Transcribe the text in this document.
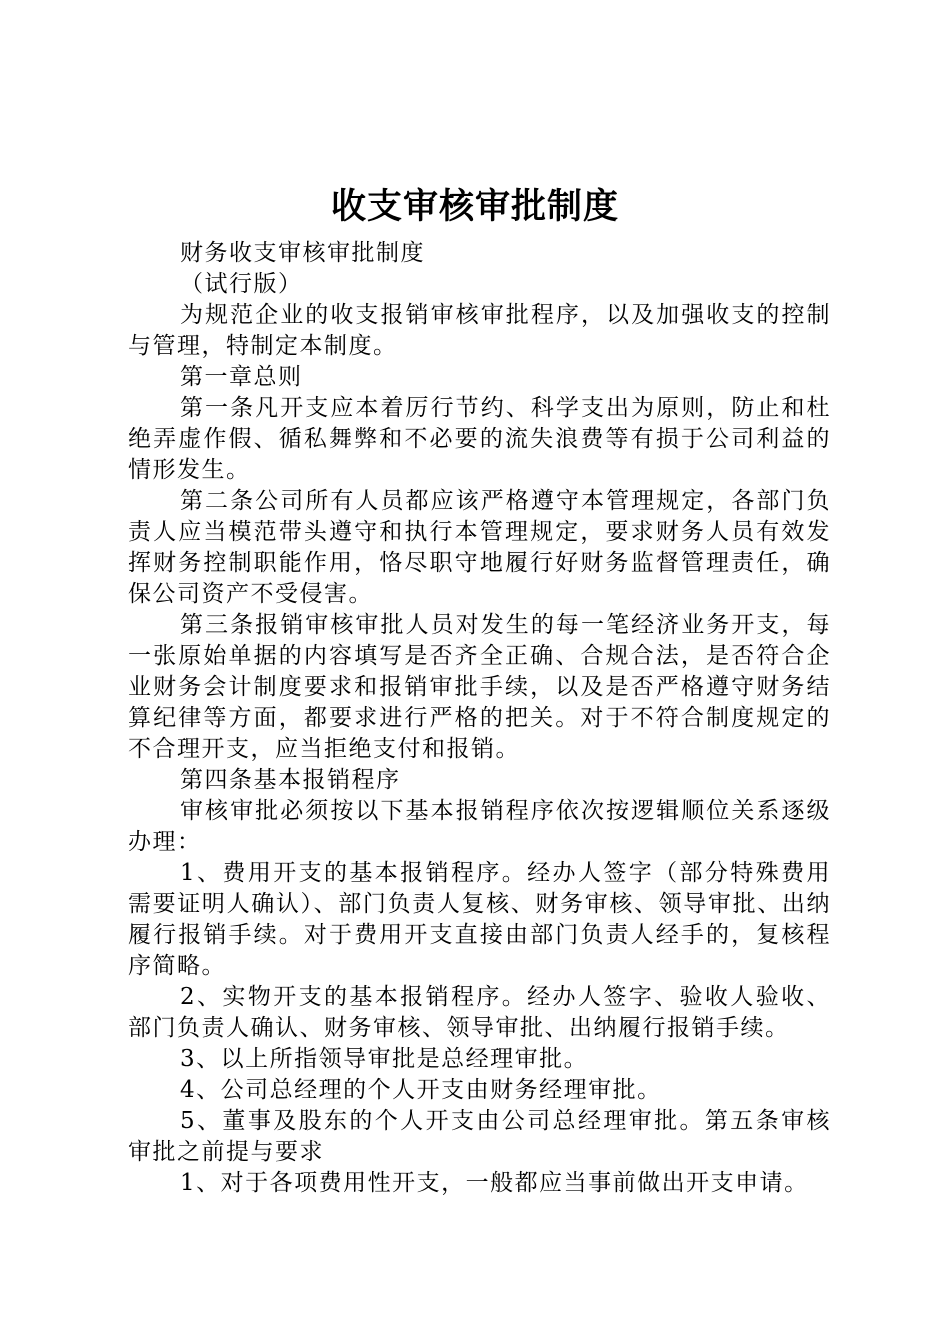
收支审核审批制度

财务收支审核审批制度

（试行版）

为规范企业的收支报销审核审批程序，以及加强收支的控制与管理，特制定本制度。

第一章总则

第一条凡开支应本着厉行节约、科学支出为原则，防止和杜绝弄虚作假、循私舞弊和不必要的流失浪费等有损于公司利益的情形发生。

第二条公司所有人员都应该严格遵守本管理规定，各部门负责人应当模范带头遵守和执行本管理规定，要求财务人员有效发挥财务控制职能作用，恪尽职守地履行好财务监督管理责任，确保公司资产不受侵害。

第三条报销审核审批人员对发生的每一笔经济业务开支，每一张原始单据的内容填写是否齐全正确、合规合法，是否符合企业财务会计制度要求和报销审批手续，以及是否严格遵守财务结算纪律等方面，都要求进行严格的把关。对于不符合制度规定的不合理开支，应当拒绝支付和报销。

第四条基本报销程序

审核审批必须按以下基本报销程序依次按逻辑顺位关系逐级办理：

1、费用开支的基本报销程序。经办人签字（部分特殊费用需要证明人确认）、部门负责人复核、财务审核、领导审批、出纳履行报销手续。对于费用开支直接由部门负责人经手的，复核程序简略。

2、实物开支的基本报销程序。经办人签字、验收人验收、部门负责人确认、财务审核、领导审批、出纳履行报销手续。

3、以上所指领导审批是总经理审批。

4、公司总经理的个人开支由财务经理审批。

5、董事及股东的个人开支由公司总经理审批。第五条审核审批之前提与要求

1、对于各项费用性开支，一般都应当事前做出开支申请。
